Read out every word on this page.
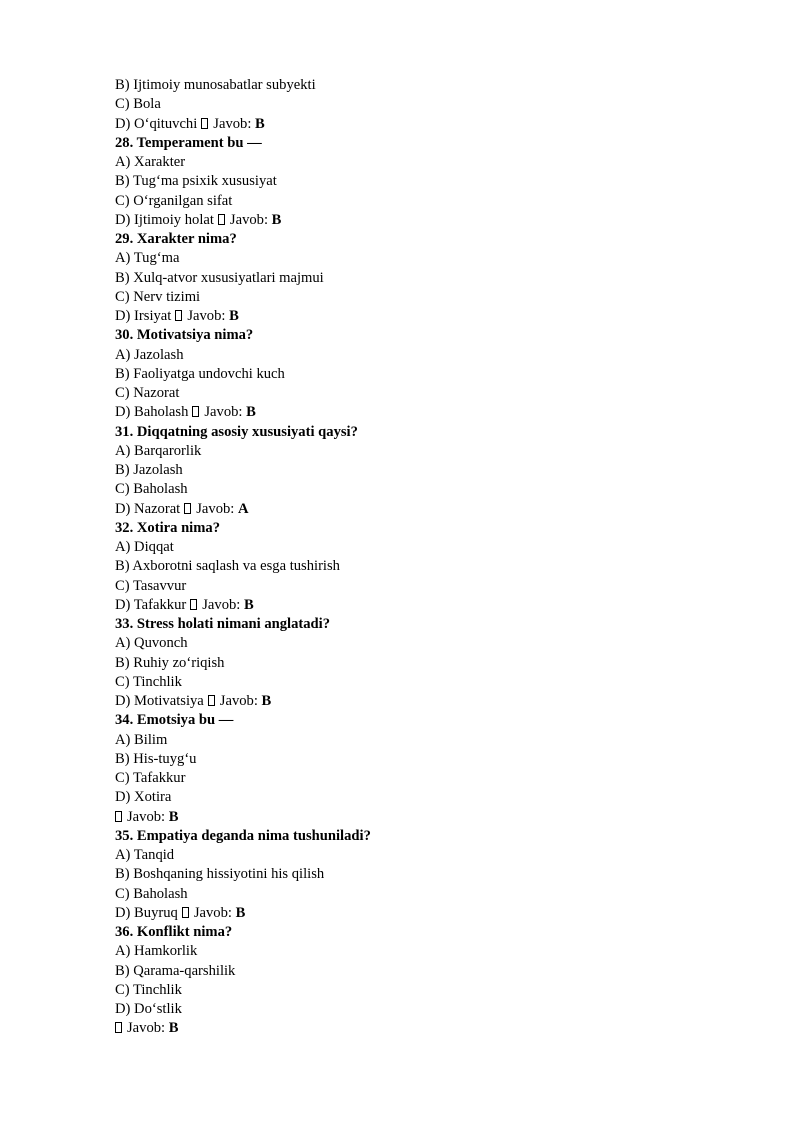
B) Ijtimoiy munosabatlar subyekti
C) Bola
D) O‘qituvchi Javob: B
28. Temperament bu —
A) Xarakter
B) Tug‘ma psixik xususiyat
C) O‘rganilgan sifat
D) Ijtimoiy holat Javob: B
29. Xarakter nima?
A) Tug‘ma
B) Xulq-atvor xususiyatlari majmui
C) Nerv tizimi
D) Irsiyat Javob: B
30. Motivatsiya nima?
A) Jazolash
B) Faoliyatga undovchi kuch
C) Nazorat
D) Baholash Javob: B
31. Diqqatning asosiy xususiyati qaysi?
A) Barqarorlik
B) Jazolash
C) Baholash
D) Nazorat Javob: A
32. Xotira nima?
A) Diqqat
B) Axborotni saqlash va esga tushirish
C) Tasavvur
D) Tafakkur Javob: B
33. Stress holati nimani anglatadi?
A) Quvonch
B) Ruhiy zo‘riqish
C) Tinchlik
D) Motivatsiya Javob: B
34. Emotsiya bu —
A) Bilim
B) His-tuyg‘u
C) Tafakkur
D) Xotira
Javob: B
35. Empatiya deganda nima tushuniladi?
A) Tanqid
B) Boshqaning hissiyotini his qilish
C) Baholash
D) Buyruq Javob: B
36. Konflikt nima?
A) Hamkorlik
B) Qarama-qarshilik
C) Tinchlik
D) Do‘stlik
Javob: B
